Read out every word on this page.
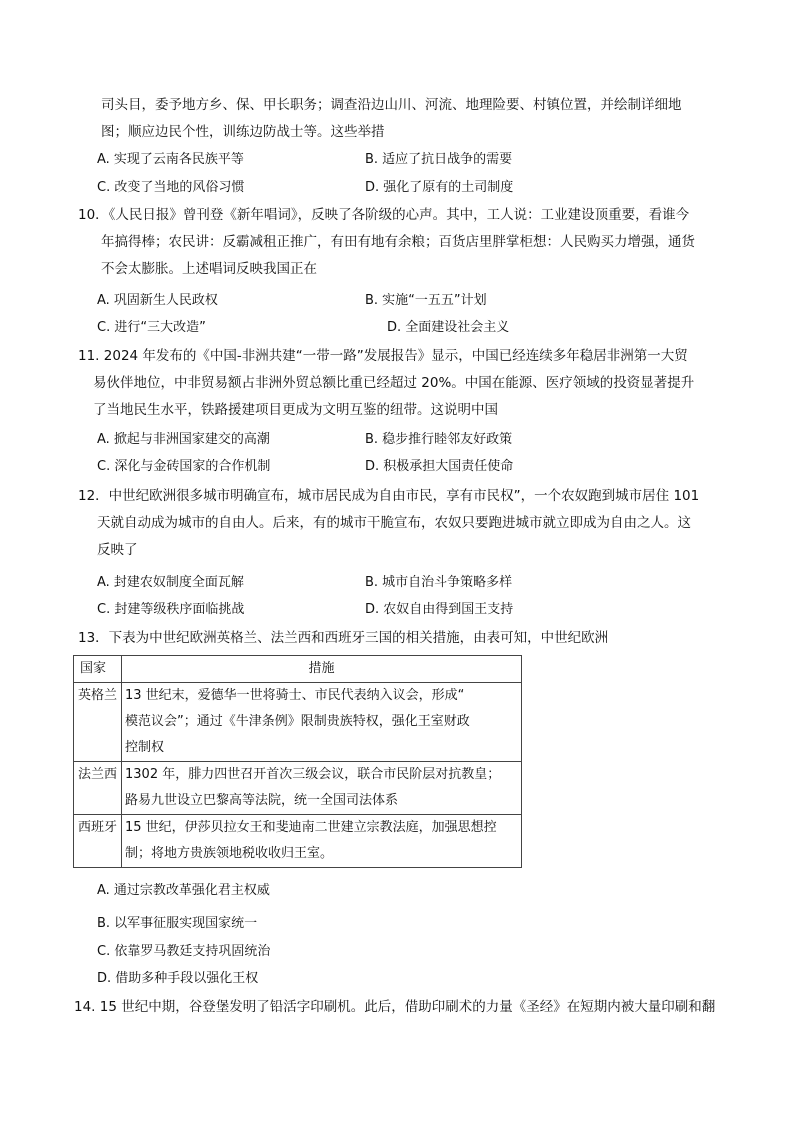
司头目，委予地方乡、保、甲长职务；调查沿边山川、河流、地理险要、村镇位置，并绘制详细地
图；顺应边民个性，训练边防战士等。这些举措
A. 实现了云南各民族平等	B. 适应了抗日战争的需要
C. 改变了当地的风俗习惯	D. 强化了原有的土司制度
10．《人民日报》曾刊登《新年唱词》，反映了各阶级的心声。其中，工人说：工业建设顶重要，看谁今
年搞得棒；农民讲：反霸减租正推广，有田有地有余粮；百货店里胖掌柜想：人民购买力增强，通货
不会太膨胀。上述唱词反映我国正在
A. 巩固新生人民政权	B. 实施“一五五”计划
C. 进行“三大改造”	D. 全面建设社会主义
11. 2024 年发布的《中国-非洲共建“一带一路”发展报告》显示，中国已经连续多年稳居非洲第一大贸
易伙伴地位，中非贸易额占非洲外贸总额比重已经超过 20%。中国在能源、医疗领域的投资显著提升
了当地民生水平，铁路援建项目更成为文明互鉴的纽带。这说明中国
A. 掀起与非洲国家建交的高潮	B. 稳步推行睦邻友好政策
C. 深化与金砖国家的合作机制	D. 积极承担大国责任使命
12．中世纪欧洲很多城市明确宣布，城市居民成为自由市民，享有市民权”，一个农奴跑到城市居住 101
天就自动成为城市的自由人。后来，有的城市干脆宣布，农奴只要跑进城市就立即成为自由之人。这
反映了
A. 封建农奴制度全面瓦解	B. 城市自治斗争策略多样
C. 封建等级秩序面临挑战	D. 农奴自由得到国王支持
13．下表为中世纪欧洲英格兰、法兰西和西班牙三国的相关措施，由表可知，中世纪欧洲
国家	措施
英格兰	13 世纪末，爱德华一世将骑士、市民代表纳入议会，形成“
模范议会”；通过《牛津条例》限制贵族特权，强化王室财政
控制权

法兰西	1302 年，腓力四世召开首次三级会议，联合市民阶层对抗教皇；
路易九世设立巴黎高等法院，统一全国司法体系

西班牙	15 世纪，伊莎贝拉女王和斐迪南二世建立宗教法庭，加强思想控
制；将地方贵族领地税收收归王室。
A. 通过宗教改革强化君主权威
B. 以军事征服实现国家统一
C. 依靠罗马教廷支持巩固统治
D. 借助多种手段以强化王权
14. 15 世纪中期，谷登堡发明了铅活字印刷机。此后，借助印刷术的力量《圣经》在短期内被大量印刷和翻
